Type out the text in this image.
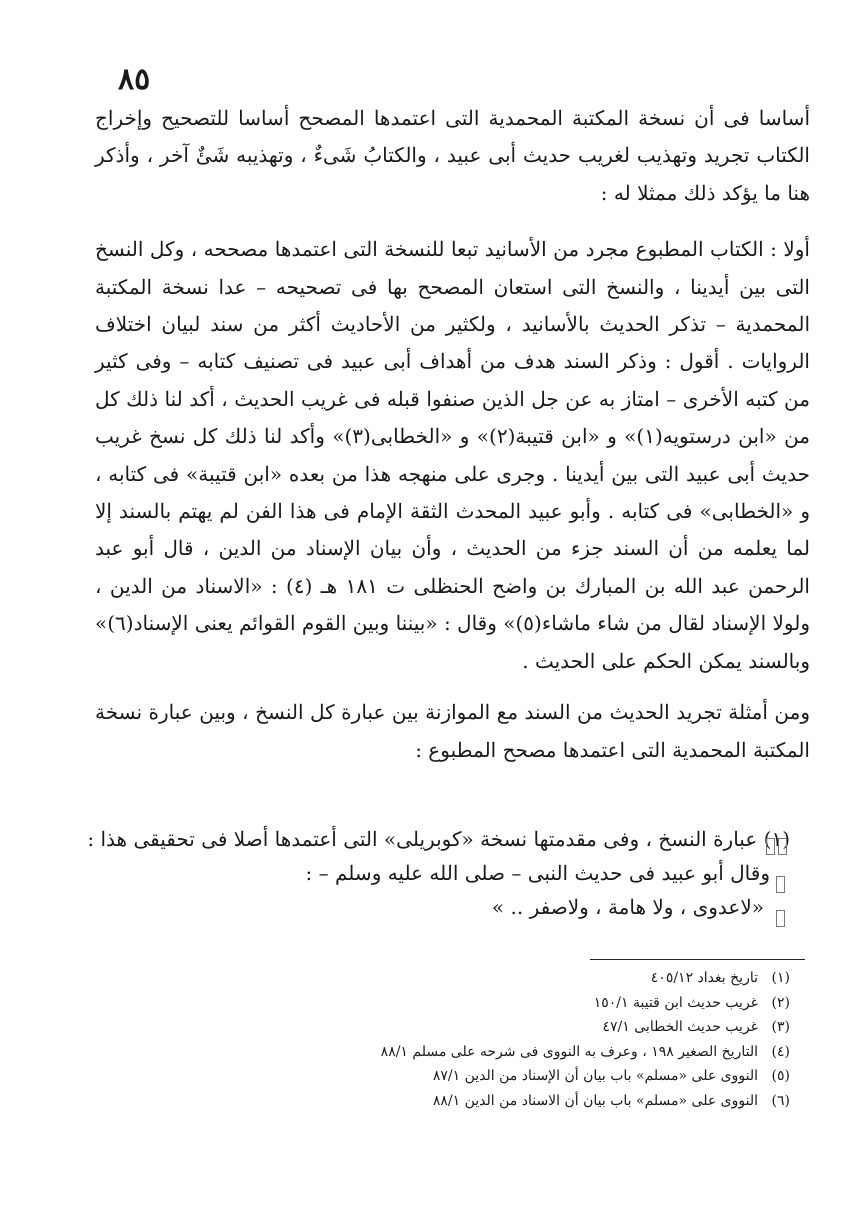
٨٥

أساسا فى أن نسخة المكتبة المحمدية التى اعتمدها المصحح أساسا للتصحيح وإخراج الكتاب تجريد وتهذيب لغريب حديث أبى عبيد ، والكتابُ شَىءٌ ، وتهذيبه شَئٌ آخر ، وأذكر هنا ما يؤكد ذلك ممثلا له :

أولا : الكتاب المطبوع مجرد من الأسانيد تبعا للنسخة التى اعتمدها مصححه ، وكل النسخ التى بين أيدينا ، والنسخ التى استعان المصحح بها فى تصحيحه – عدا نسخة المكتبة المحمدية – تذكر الحديث بالأسانيد ، ولكثير من الأحاديث أكثر من سند لبيان اختلاف الروايات . أقول : وذكر السند هدف من أهداف أبى عبيد فى تصنيف كتابه – وفى كثير من كتبه الأخرى – امتاز به عن جل الذين صنفوا قبله فى غريب الحديث ، أكد لنا ذلك كل من «ابن درستويه(١)» و «ابن قتيبة(٢)» و «الخطابى(٣)» وأكد لنا ذلك كل نسخ غريب حديث أبى عبيد التى بين أيدينا . وجرى على منهجه هذا من بعده «ابن قتيبة» فى كتابه ، و «الخطابى» فى كتابه . وأبو عبيد المحدث الثقة الإمام فى هذا الفن لم يهتم بالسند إلا لما يعلمه من أن السند جزء من الحديث ، وأن بيان الإسناد من الدين ، قال أبو عبد الرحمن عبد الله بن المبارك بن واضح الحنظلى ت ١٨١ هـ (٤) : «الاسناد من الدين ، ولولا الإسناد لقال من شاء ماشاء(٥)» وقال : «بيننا وبين القوم القوائم يعنى الإسناد(٦)» وبالسند يمكن الحكم على الحديث .

ومن أمثلة تجريد الحديث من السند مع الموازنة بين عبارة كل النسخ ، وبين عبارة نسخة المكتبة المحمدية التى اعتمدها مصحح المطبوع :

(١) عبارة النسخ ، وفى مقدمتها نسخة «كوبريلى» التى أعتمدها أصلا فى تحقيقى هذا :
وقال أبو عبيد فى حديث النبى – صلى الله عليه وسلم – :
«لاعدوى ، ولا هامة ، ولاصفر .. »
(١)تاريخ بغداد ٤٠٥/١٢
(٢)غريب حديث ابن قتيبة ١٥٠/١
(٣)غريب حديث الخطابى ٤٧/١
(٤)التاريخ الصغير ١٩٨ ، وعرف به النووى فى شرحه على مسلم ٨٨/١
(٥)النووى على «مسلم» باب بيان أن الإسناد من الدين ٨٧/١
(٦)النووى على «مسلم» باب بيان أن الاسناد من الدين ٨٨/١
